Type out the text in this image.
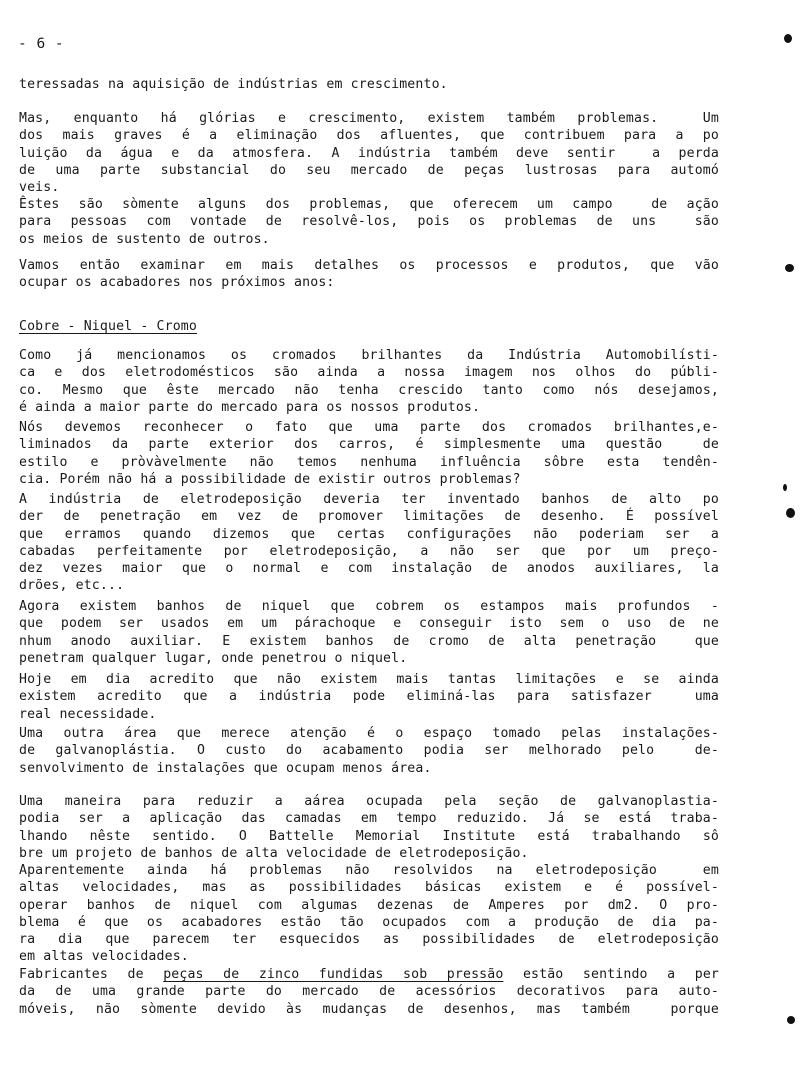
- 6 -
teressadas na aquisição de indústrias em crescimento.
Mas, enquanto há glórias e crescimento, existem também problemas.  Um
dos mais graves é a eliminação dos afluentes, que contribuem para a po
luição da água e da atmosfera. A indústria também deve sentir  a perda
de uma parte substancial do seu mercado de peças lustrosas para automó
veis.
Êstes são sòmente alguns dos problemas, que oferecem um campo  de ação
para pessoas com vontade de resolvê-los, pois os problemas de uns  são
os meios de sustento de outros.
Vamos então examinar em mais detalhes os processos e produtos, que vão
ocupar os acabadores nos próximos anos:
Cobre - Niquel - Cromo
Como já mencionamos os cromados brilhantes da Indústria Automobilísti-
ca e dos eletrodomésticos são ainda a nossa imagem nos olhos do públi-
co. Mesmo que êste mercado não tenha crescido tanto como nós desejamos,
é ainda a maior parte do mercado para os nossos produtos.
Nós devemos reconhecer o fato que uma parte dos cromados brilhantes,e-
liminados da parte exterior dos carros, é simplesmente uma questão  de
estilo e pròvàvelmente não temos nenhuma influência sôbre esta tendên-
cia. Porém não há a possibilidade de existir outros problemas?
A indústria de eletrodeposição deveria ter inventado banhos de alto po
der de penetração em vez de promover limitações de desenho. É possível
que erramos quando dizemos que certas configurações não poderiam ser a
cabadas perfeitamente por eletrodeposição, a não ser que por um preço-
dez vezes maior que o normal e com instalação de anodos auxiliares, la
drões, etc...
Agora existem banhos de niquel que cobrem os estampos mais profundos -
que podem ser usados em um párachoque e conseguir isto sem o uso de ne
nhum anodo auxiliar. E existem banhos de cromo de alta penetração  que
penetram qualquer lugar, onde penetrou o niquel.
Hoje em dia acredito que não existem mais tantas limitações e se ainda
existem acredito que a indústria pode eliminá-las para satisfazer  uma
real necessidade.
Uma outra área que merece atenção é o espaço tomado pelas instalações-
de galvanoplástia. O custo do acabamento podia ser melhorado pelo  de-
senvolvimento de instalações que ocupam menos área.
Uma maneira para reduzir a aárea ocupada pela seção de galvanoplastia-
podia ser a aplicação das camadas em tempo reduzido. Já se está traba-
lhando nêste sentido. O Battelle Memorial Institute está trabalhando sô
bre um projeto de banhos de alta velocidade de eletrodeposição.
Aparentemente ainda há problemas não resolvidos na eletrodeposição  em
altas velocidades, mas as possibilidades básicas existem e é possível-
operar banhos de niquel com algumas dezenas de Amperes por dm2. O pro-
blema é que os acabadores estão tão ocupados com a produção de dia pa-
ra dia que parecem ter esquecidos as possibilidades de eletrodeposição
em altas velocidades.
Fabricantes de peças de zinco fundidas sob pressão estão sentindo a per
da de uma grande parte do mercado de acessórios decorativos para auto-
móveis, não sòmente devido às mudanças de desenhos, mas também  porque
